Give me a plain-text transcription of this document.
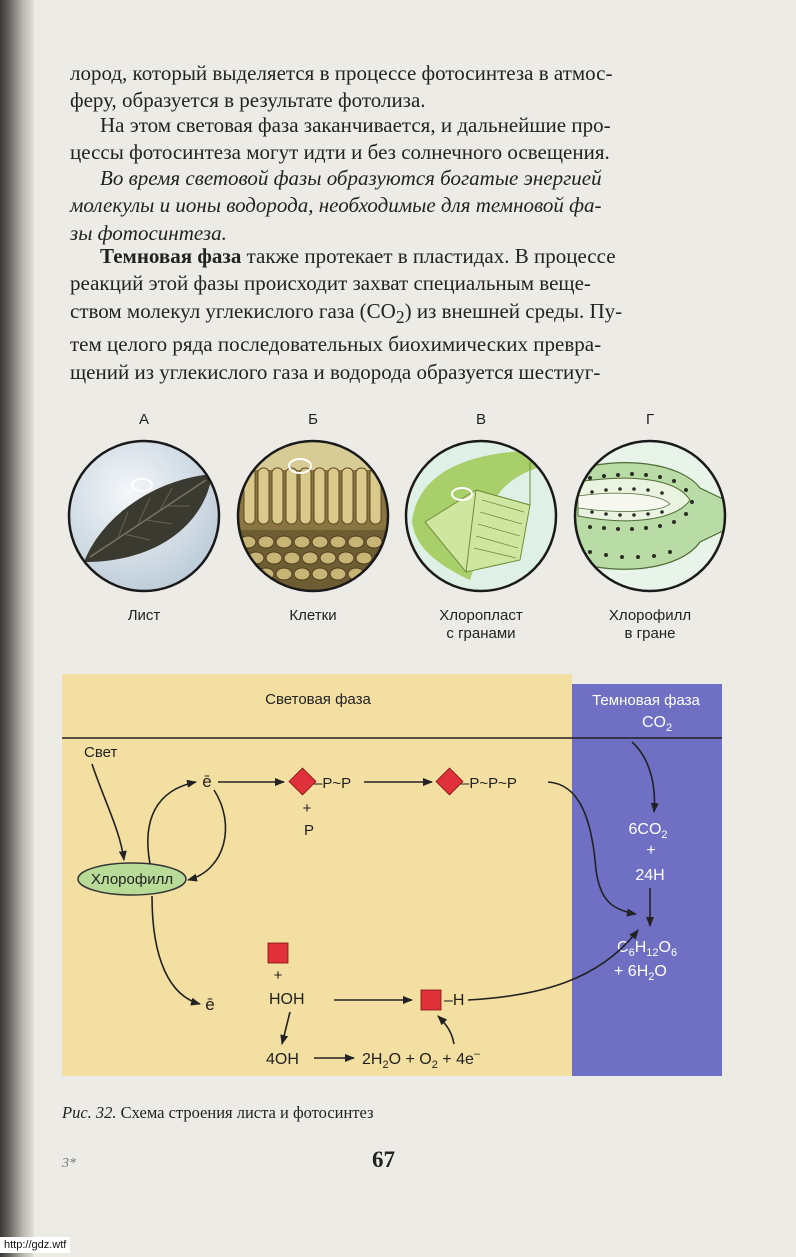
лород, который выделяется в процессе фотосинтеза в атмос-

феру, образуется в результате фотолиза.

На этом световая фаза заканчивается, и дальнейшие про-

цессы фотосинтеза могут идти и без солнечного освещения.

Во время световой фазы образуются богатые энергией

молекулы и ионы водорода, необходимые для темновой фа-

зы фотосинтеза.

Темновая фаза также протекает в пластидах. В процессе

реакций этой фазы происходит захват специальным веще-

ством молекул углекислого газа $(CO_2)$ из внешней среды. Пу-

тем целого ряда последовательных биохимических превра-

щений из углекислого газа и водорода образуется шестиуг-

А	Б	В	Г
Лист	Клетки	Хлоропласт
с гранами
Хлорофилл
в гране
Световая фаза	Темновая фаза
$CO_2$
Свет
Хлорофилл
ē	–P~P
+
P
–P~P~P
$6CO_2$
+
24H
$C_6H_{12}O_6$
+ $6H_2O$
+
HOH
ē	–H
4OH	$2H_2O + O_2 + 4e^-$
Рис. 32. Схема строения листа и фотосинтез
3*	67
http://gdz.wtf
